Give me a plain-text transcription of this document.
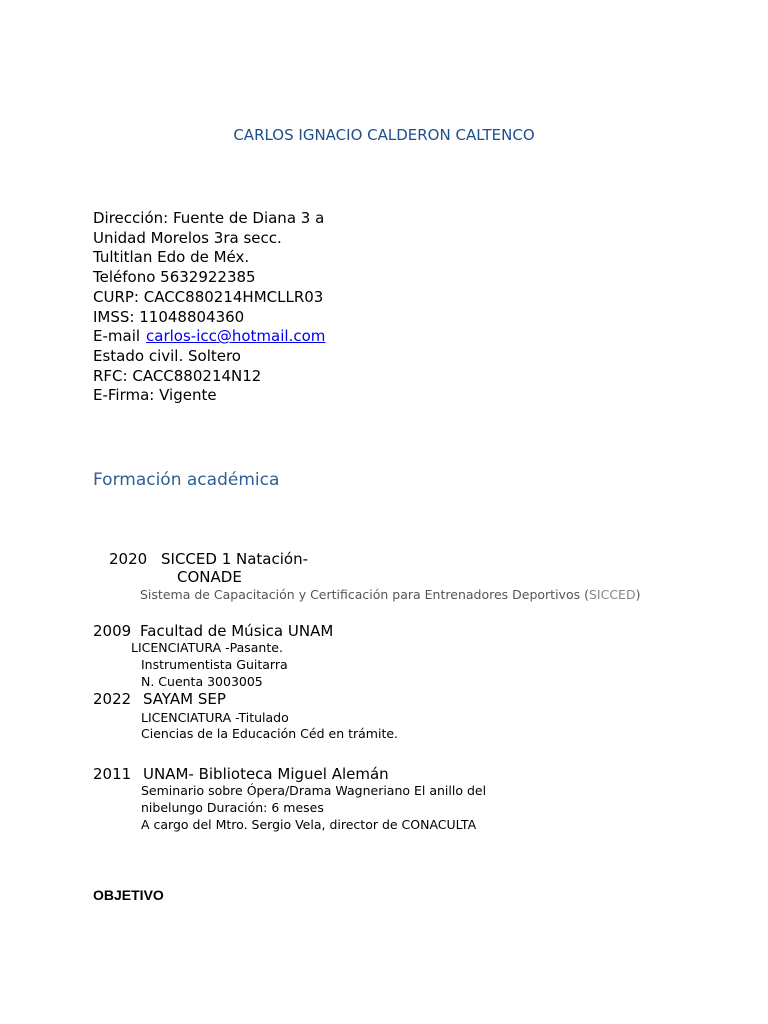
CARLOS IGNACIO CALDERON CALTENCO
Dirección: Fuente de Diana 3 a
Unidad Morelos 3ra secc.
Tultitlan Edo de Méx.
Teléfono 5632922385
CURP: CACC880214HMCLLR03
IMSS: 11048804360
E-mail carlos-icc@hotmail.com
Estado civil. Soltero
RFC: CACC880214N12
E-Firma: Vigente
Formación académica
2020 SICCED 1 Natación-
CONADE
Sistema de Capacitación y Certificación para Entrenadores Deportivos (SICCED)
2009 Facultad de Música UNAM
LICENCIATURA -Pasante.
Instrumentista Guitarra
N. Cuenta 3003005
2022 SAYAM SEP
LICENCIATURA -Titulado
Ciencias de la Educación Céd en trámite.
2011 UNAM- Biblioteca Miguel Alemán
Seminario sobre Ópera/Drama Wagneriano El anillo del
nibelungo Duración: 6 meses
A cargo del Mtro. Sergio Vela, director de CONACULTA
OBJETIVO
